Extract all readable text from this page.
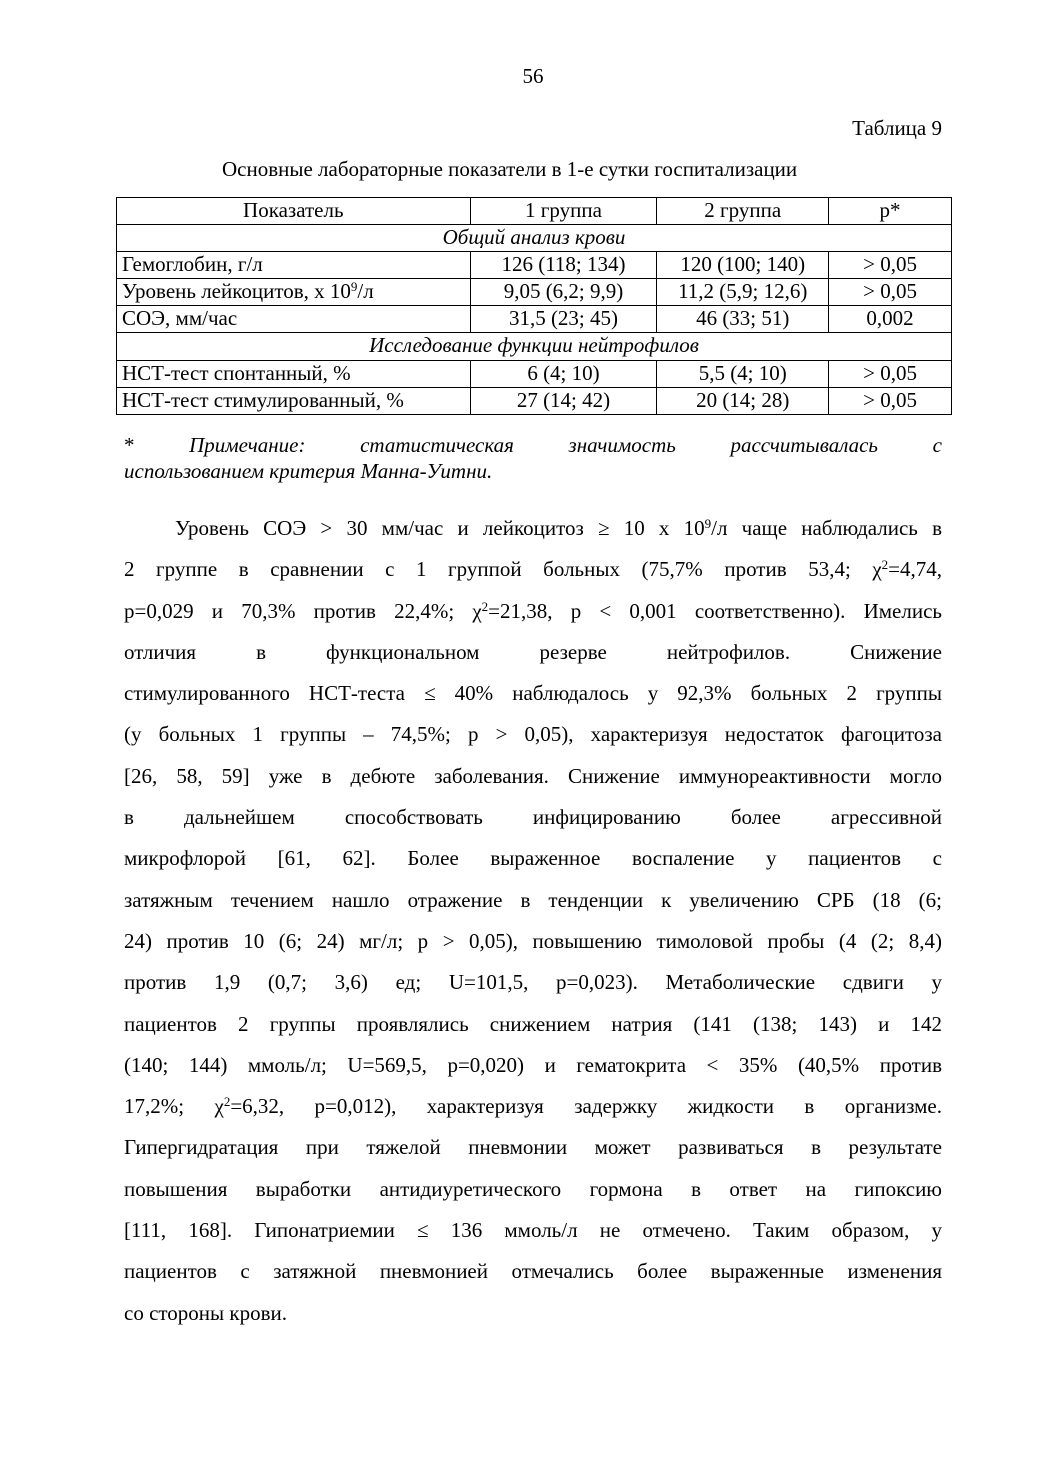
56
Таблица 9
Основные лабораторные показатели в 1-е сутки госпитализации
Показатель	1 группа	2 группа	p*
Общий анализ крови			
Гемоглобин, г/л	126 (118; 134)	120 (100; 140)	> 0,05
Уровень лейкоцитов, х $10^9/л$	9,05 (6,2; 9,9)	11,2 (5,9; 12,6)	> 0,05
СОЭ, мм/час	31,5 (23; 45)	46 (33; 51)	0,002
Исследование функции нейтрофилов			
НСТ-тест спонтанный, %	6 (4; 10)	5,5 (4; 10)	> 0,05
НСТ-тест стимулированный, %	27 (14; 42)	20 (14; 28)	> 0,05
*	Примечание:	статистическая	значимость	рассчитывалась	с
использованием критерия Манна-Уитни.
Уровень СОЭ > 30 мм/час и лейкоцитоз ≥ 10 х $10^9/л$ чаще наблюдались в
2 группе в сравнении с 1 группой больных (75,7% против 53,4; $\chi^2=4,74$,
р=0,029 и 70,3% против 22,4%; $\chi^2=21,38$, р < 0,001 соответственно). Имелись
отличия	в	функциональном	резерве	нейтрофилов.	Снижение
стимулированного НСТ-теста ≤ 40% наблюдалось у 92,3% больных 2 группы
(у больных 1 группы – 74,5%; р > 0,05), характеризуя недостаток фагоцитоза
[26, 58, 59] уже в дебюте заболевания. Снижение иммунореактивности могло
в дальнейшем способствовать инфицированию более агрессивной
микрофлорой [61, 62]. Более выраженное воспаление у пациентов с
затяжным течением нашло отражение в тенденции к увеличению СРБ (18 (6;
24) против 10 (6; 24) мг/л; р > 0,05), повышению тимоловой пробы (4 (2; 8,4)
против 1,9 (0,7; 3,6) ед; U=101,5, р=0,023). Метаболические сдвиги у
пациентов 2 группы проявлялись снижением натрия (141 (138; 143) и 142
(140; 144) ммоль/л; U=569,5, р=0,020) и гематокрита < 35% (40,5% против
17,2%; $\chi^2=6,32$, р=0,012), характеризуя задержку жидкости в организме.
Гипергидратация при тяжелой пневмонии может развиваться в результате
повышения выработки антидиуретического гормона в ответ на гипоксию
[111, 168]. Гипонатриемии ≤ 136 ммоль/л не отмечено. Таким образом, у
пациентов с затяжной пневмонией отмечались более выраженные изменения
со стороны крови.
